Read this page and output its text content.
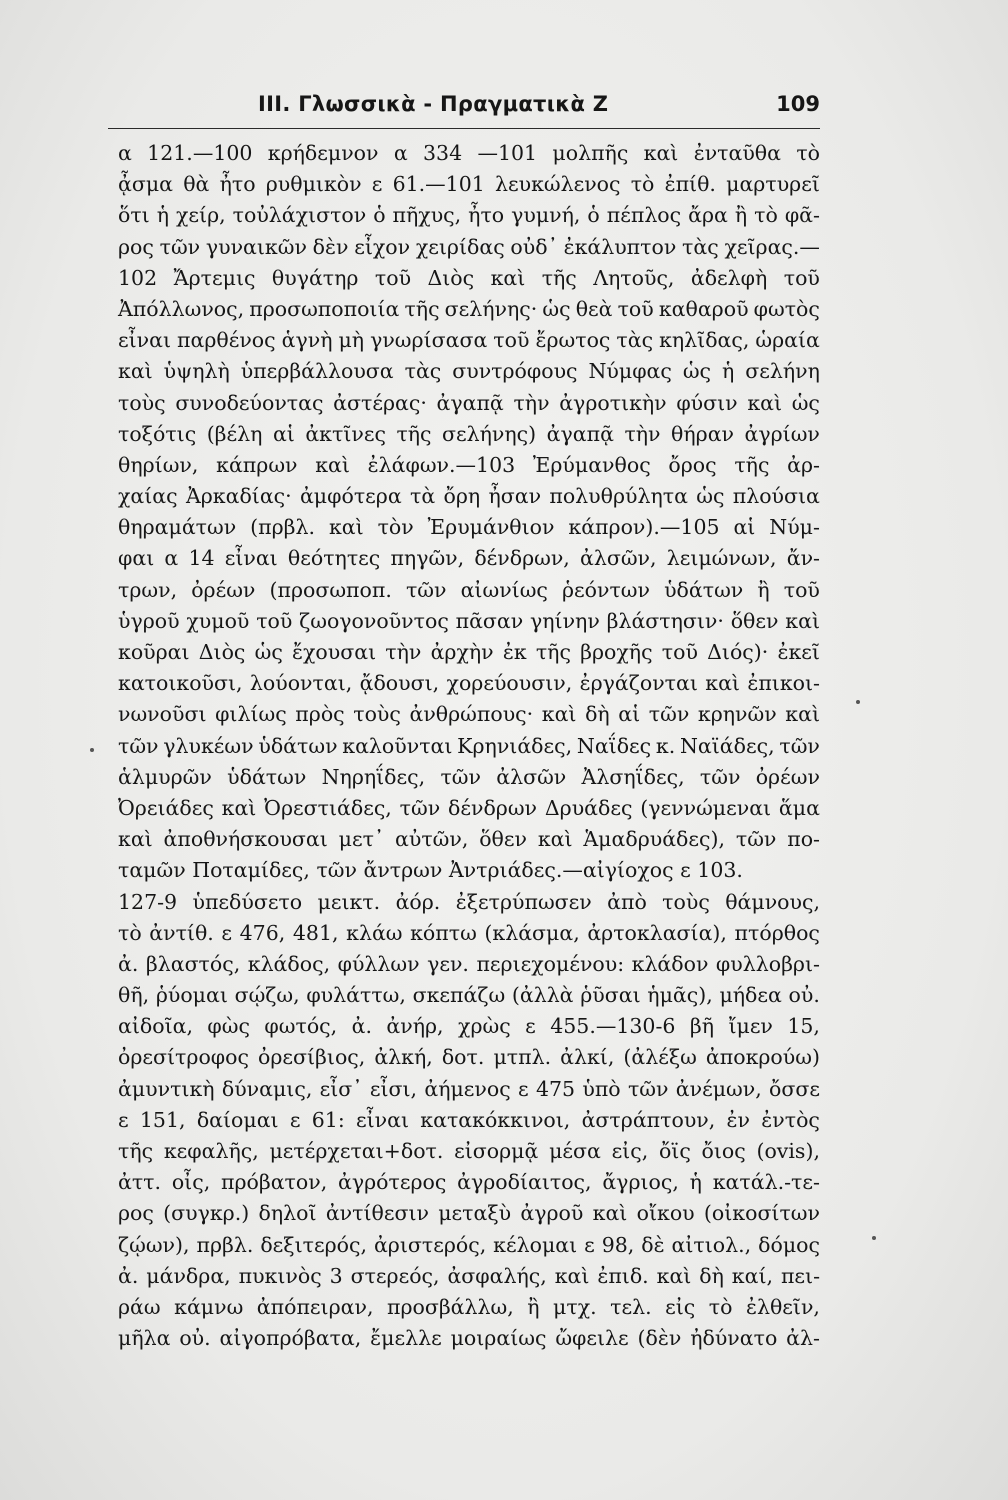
III. Γλωσσικὰ - Πραγματικὰ Ζ	109
α 121.—100 κρήδεμνον α 334 —101 μολπῆς καὶ ἐνταῦθα τὸ
ᾆσμα θὰ ἦτο ρυθμικὸν ε 61.—101 λευκώλενος τὸ ἐπίθ. μαρτυρεῖ
ὅτι ἡ χείρ, τοὐλάχιστον ὁ πῆχυς, ἦτο γυμνή, ὁ πέπλος ἄρα ἢ τὸ φᾶ-
ρος τῶν γυναικῶν δὲν εἶχον χειρίδας οὐδ᾽ ἐκάλυπτον τὰς χεῖρας.—
102 Ἄρτεμις θυγάτηρ τοῦ Διὸς καὶ τῆς Λητοῦς, ἀδελφὴ τοῦ
Ἀπόλλωνος, προσωποποιία τῆς σελήνης· ὡς θεὰ τοῦ καθαροῦ φωτὸς
εἶναι παρθένος ἁγνὴ μὴ γνωρίσασα τοῦ ἔρωτος τὰς κηλῖδας, ὡραία
καὶ ὑψηλὴ ὑπερβάλλουσα τὰς συντρόφους Νύμφας ὡς ἡ σελήνη
τοὺς συνοδεύοντας ἀστέρας· ἀγαπᾷ τὴν ἀγροτικὴν φύσιν καὶ ὡς
τοξότις (βέλη αἱ ἀκτῖνες τῆς σελήνης) ἀγαπᾷ τὴν θήραν ἀγρίων
θηρίων, κάπρων καὶ ἐλάφων.—103 Ἐρύμανθος ὄρος τῆς ἀρ-
χαίας Ἀρκαδίας· ἀμφότερα τὰ ὄρη ἦσαν πολυθρύλητα ὡς πλούσια
θηραμάτων (πρβλ. καὶ τὸν Ἐρυμάνθιον κάπρον).—105 αἱ Νύμ-
φαι α 14 εἶναι θεότητες πηγῶν, δένδρων, ἀλσῶν, λειμώνων, ἄν-
τρων, ὀρέων (προσωποπ. τῶν αἰωνίως ῥεόντων ὑδάτων ἢ τοῦ
ὑγροῦ χυμοῦ τοῦ ζωογονοῦντος πᾶσαν γηίνην βλάστησιν· ὅθεν καὶ
κοῦραι Διὸς ὡς ἔχουσαι τὴν ἀρχὴν ἐκ τῆς βροχῆς τοῦ Διός)· ἐκεῖ
κατοικοῦσι, λούονται, ᾄδουσι, χορεύουσιν, ἐργάζονται καὶ ἐπικοι-
νωνοῦσι φιλίως πρὸς τοὺς ἀνθρώπους· καὶ δὴ αἱ τῶν κρηνῶν καὶ
τῶν γλυκέων ὑδάτων καλοῦνται Κρηνιάδες, Ναΐδες κ. Ναϊάδες, τῶν
ἁλμυρῶν ὑδάτων Νηρηΐδες, τῶν ἀλσῶν Ἀλσηΐδες, τῶν ὀρέων
Ὀρειάδες καὶ Ὀρεστιάδες, τῶν δένδρων Δρυάδες (γεννώμεναι ἅμα
καὶ ἀποθνήσκουσαι μετ᾽ αὐτῶν, ὅθεν καὶ Ἁμαδρυάδες), τῶν πο-
ταμῶν Ποταμίδες, τῶν ἄντρων Ἀντριάδες.—αἰγίοχος ε 103.
127-9 ὑπεδύσετο μεικτ. ἀόρ. ἐξετρύπωσεν ἀπὸ τοὺς θάμνους,
τὸ ἀντίθ. ε 476, 481, κλάω κόπτω (κλάσμα, ἀρτοκλασία), πτόρθος
ἀ. βλαστός, κλάδος, φύλλων γεν. περιεχομένου: κλάδον φυλλοβρι-
θῆ, ῥύομαι σῴζω, φυλάττω, σκεπάζω (ἀλλὰ ῥῦσαι ἡμᾶς), μήδεα οὐ.
αἰδοῖα, φὼς φωτός, ἀ. ἀνήρ, χρὼς ε 455.—130-6 βῆ ἴμεν 15,
ὀρεσίτροφος ὀρεσίβιος, ἀλκή, δοτ. μτπλ. ἀλκί, (ἀλέξω ἀποκρούω)
ἀμυντικὴ δύναμις, εἶσ᾽ εἶσι, ἀήμενος ε 475 ὑπὸ τῶν ἀνέμων, ὄσσε
ε 151, δαίομαι ε 61: εἶναι κατακόκκινοι, ἀστράπτουν, ἐν ἐντὸς
τῆς κεφαλῆς, μετέρχεται+δοτ. εἰσορμᾷ μέσα εἰς, ὄϊς ὄιος (ovis),
ἀττ. οἶς, πρόβατον, ἀγρότερος ἀγροδίαιτος, ἄγριος, ἡ κατάλ.-τε-
ρος (συγκρ.) δηλοῖ ἀντίθεσιν μεταξὺ ἀγροῦ καὶ οἴκου (οἰκοσίτων
ζῴων), πρβλ. δεξιτερός, ἀριστερός, κέλομαι ε 98, δὲ αἰτιολ., δόμος
ἀ. μάνδρα, πυκινὸς 3 στερεός, ἀσφαλής, καὶ ἐπιδ. καὶ δὴ καί, πει-
ράω κάμνω ἀπόπειραν, προσβάλλω, ἢ μτχ. τελ. εἰς τὸ ἐλθεῖν,
μῆλα οὐ. αἰγοπρόβατα, ἔμελλε μοιραίως ὤφειλε (δὲν ἠδύνατο ἀλ-
